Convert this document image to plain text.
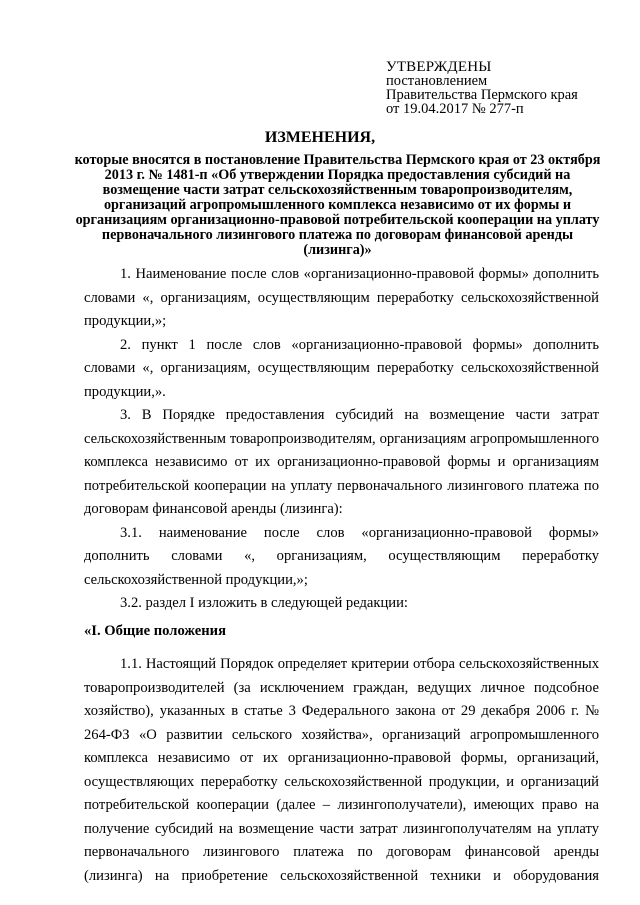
УТВЕРЖДЕНЫ
постановлением
Правительства Пермского края
от 19.04.2017 № 277-п
ИЗМЕНЕНИЯ,
которые вносятся в постановление Правительства Пермского края от 23 октября 2013 г. № 1481-п «Об утверждении Порядка предоставления субсидий на возмещение части затрат сельскохозяйственным товаропроизводителям, организаций агропромышленного комплекса независимо от их формы и организациям организационно-правовой потребительской кооперации на уплату первоначального лизингового платежа по договорам финансовой аренды (лизинга)»

1. Наименование после слов «организационно-правовой формы» дополнить словами «, организациям, осуществляющим переработку сельскохозяйственной продукции,»;

2. пункт 1 после слов «организационно-правовой формы» дополнить словами «, организациям, осуществляющим переработку сельскохозяйственной продукции,».

3. В Порядке предоставления субсидий на возмещение части затрат сельскохозяйственным товаропроизводителям, организациям агропромышленного комплекса независимо от их организационно-правовой формы и организациям потребительской кооперации на уплату первоначального лизингового платежа по договорам финансовой аренды (лизинга):

3.1. наименование после слов «организационно-правовой формы» дополнить словами «, организациям, осуществляющим переработку сельскохозяйственной продукции,»;

3.2. раздел I изложить в следующей редакции:

«I. Общие положения

1.1. Настоящий Порядок определяет критерии отбора сельскохозяйственных товаропроизводителей (за исключением граждан, ведущих личное подсобное хозяйство), указанных в статье 3 Федерального закона от 29 декабря 2006 г. № 264-ФЗ «О развитии сельского хозяйства», организаций агропромышленного комплекса независимо от их организационно-правовой формы, организаций, осуществляющих переработку сельскохозяйственной продукции, и организаций потребительской кооперации (далее – лизингополучатели), имеющих право на получение субсидий на возмещение части затрат лизингополучателям на уплату первоначального лизингового платежа по договорам финансовой аренды (лизинга) на приобретение сельскохозяйственной техники и оборудования
